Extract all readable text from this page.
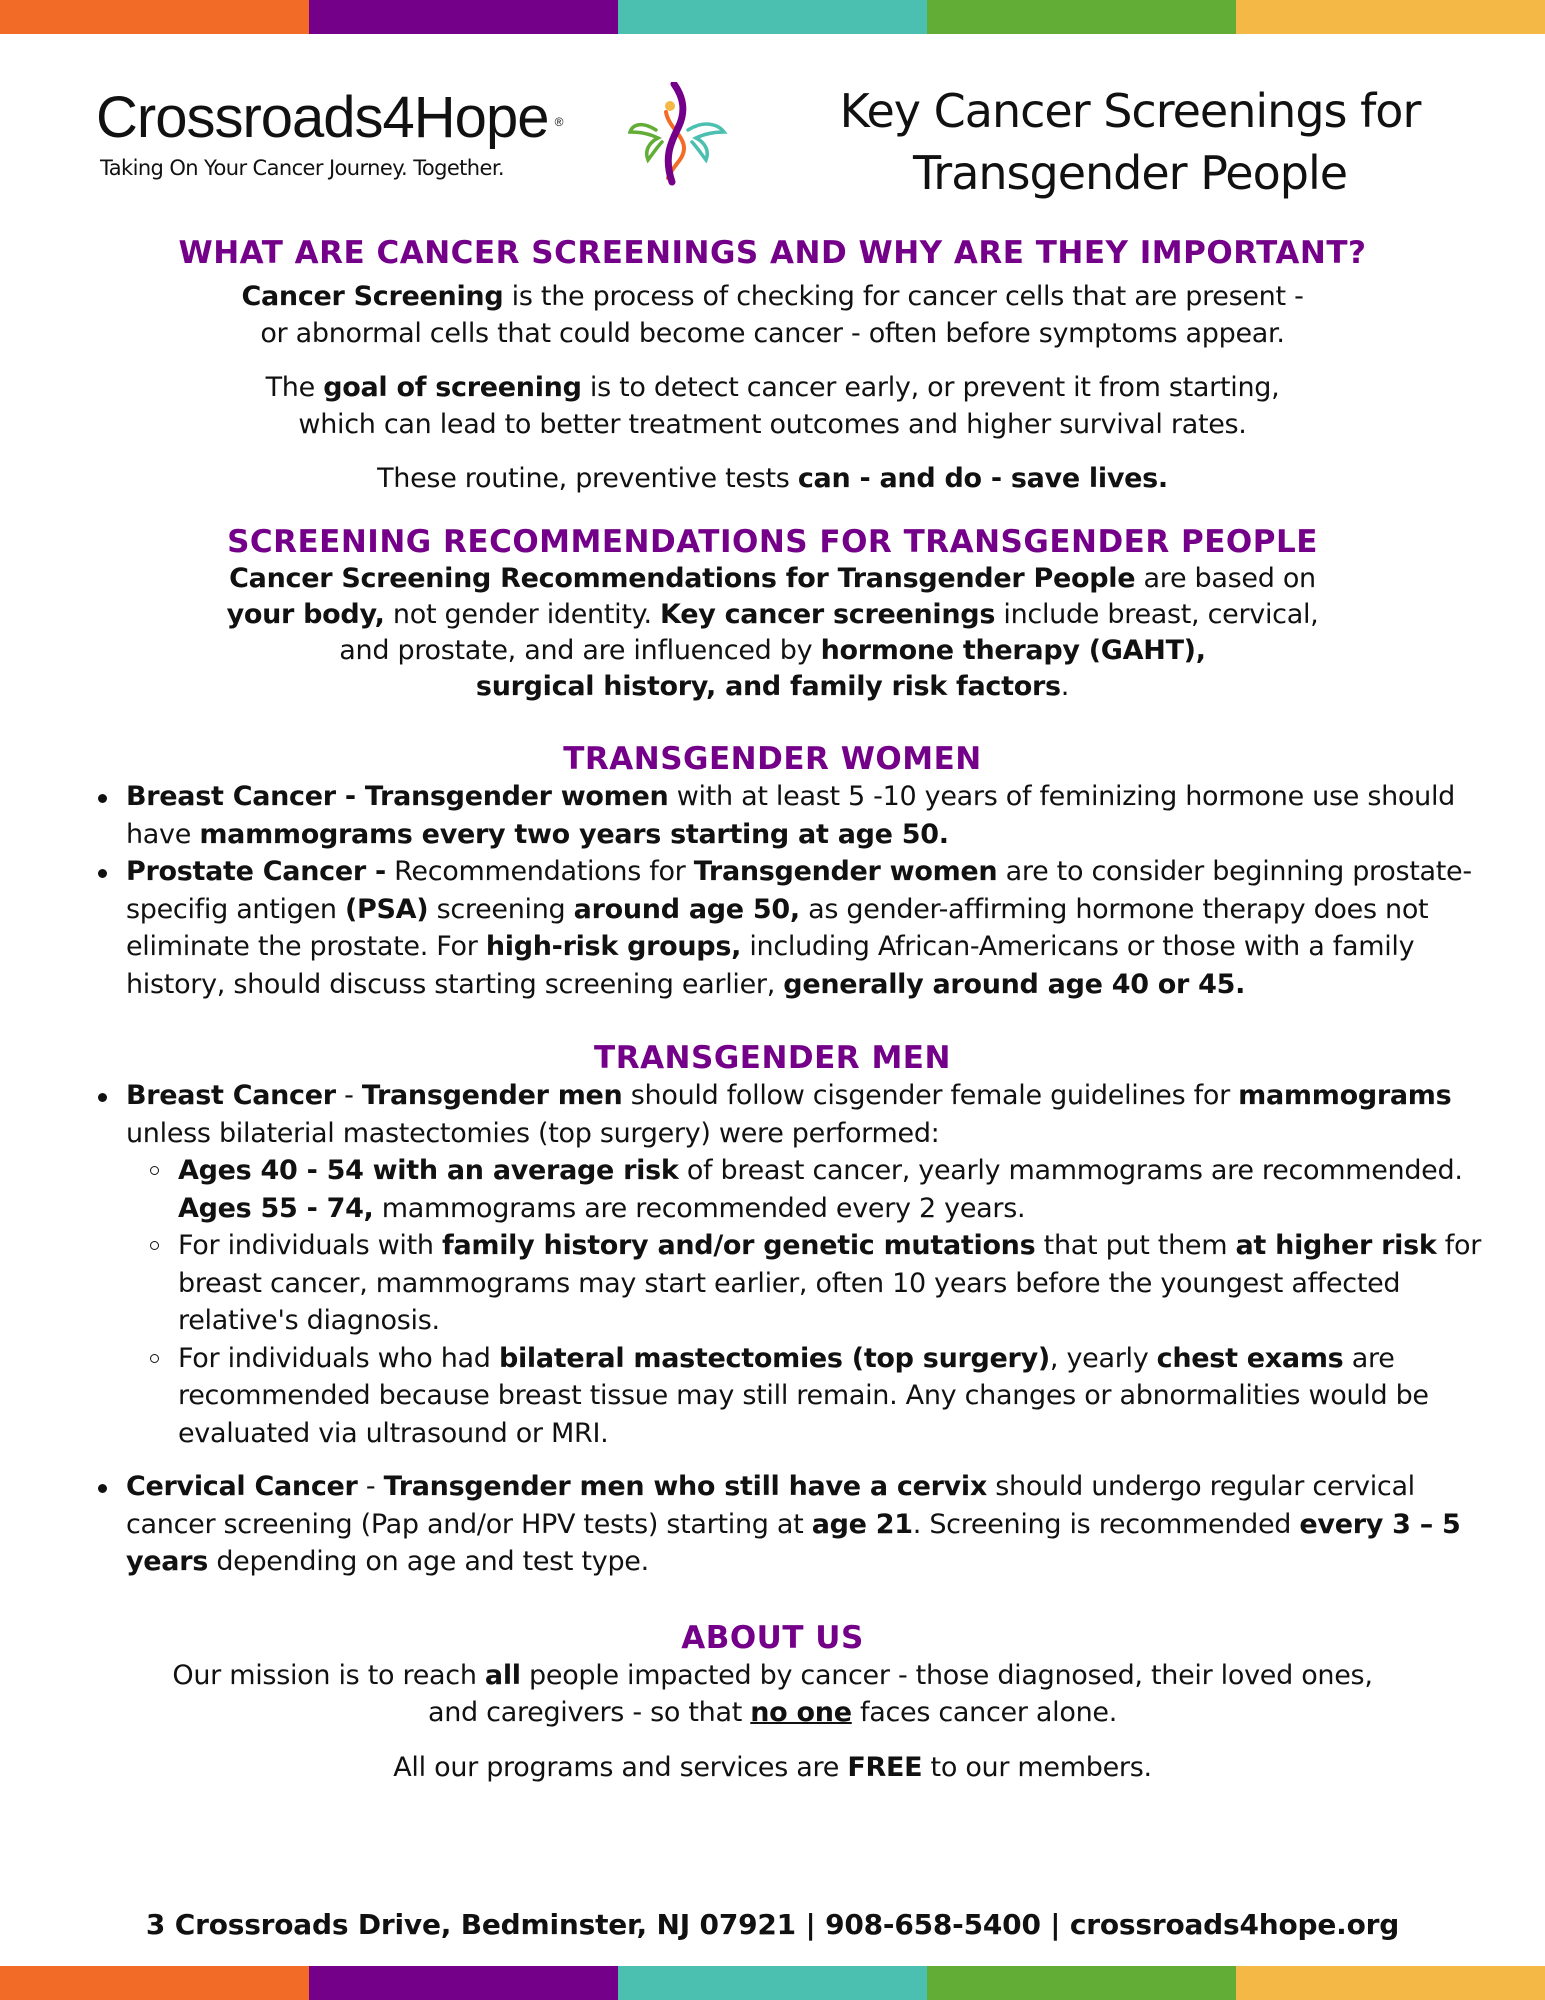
Crossroads4Hope ®
Taking On Your Cancer Journey. Together.
Key Cancer Screenings for
Transgender People
WHAT ARE CANCER SCREENINGS AND WHY ARE THEY IMPORTANT?

Cancer Screening is the process of checking for cancer cells that are present -
or abnormal cells that could become cancer - often before symptoms appear.

The goal of screening is to detect cancer early, or prevent it from starting,
which can lead to better treatment outcomes and higher survival rates.

These routine, preventive tests can - and do - save lives.

SCREENING RECOMMENDATIONS FOR TRANSGENDER PEOPLE

Cancer Screening Recommendations for Transgender People are based on
your body, not gender identity. Key cancer screenings include breast, cervical,
and prostate, and are influenced by hormone therapy (GAHT),
surgical history, and family risk factors.

TRANSGENDER WOMEN
Breast Cancer - Transgender women with at least 5 -10 years of feminizing hormone use should have mammograms every two years starting at age 50.
Prostate Cancer - Recommendations for Transgender women are to consider beginning prostate-specifig antigen (PSA) screening around age 50, as gender-affirming hormone therapy does not eliminate the prostate. For high-risk groups, including African-Americans or those with a family history, should discuss starting screening earlier, generally around age 40 or 45.
TRANSGENDER MEN
Breast Cancer - Transgender men should follow cisgender female guidelines for mammograms unless bilaterial mastectomies (top surgery) were performed:
Ages 40 - 54 with an average risk of breast cancer, yearly mammograms are recommended. Ages 55 - 74, mammograms are recommended every 2 years.
For individuals with family history and/or genetic mutations that put them at higher risk for breast cancer, mammograms may start earlier, often 10 years before the youngest affected relative's diagnosis.
For individuals who had bilateral mastectomies (top surgery), yearly chest exams are recommended because breast tissue may still remain. Any changes or abnormalities would be evaluated via ultrasound or MRI.
Cervical Cancer - Transgender men who still have a cervix should undergo regular cervical cancer screening (Pap and/or HPV tests) starting at age 21. Screening is recommended every 3 – 5 years depending on age and test type.
ABOUT US

Our mission is to reach all people impacted by cancer - those diagnosed, their loved ones,
and caregivers - so that no one faces cancer alone.

All our programs and services are FREE to our members.

3 Crossroads Drive, Bedminster, NJ 07921 | 908-658-5400 | crossroads4hope.org
